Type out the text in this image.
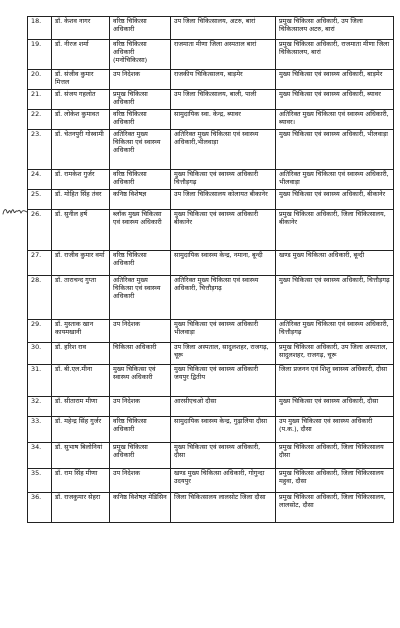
18.	डॉ. केशव नागर	वरिष्ठ चिकित्सा अधिकारी	उप जिला चिकित्सालय, अटरु, बारां	प्रमुख चिकित्सा अधिकारी, उप जिला चिकित्सालय अटरु, बारां
19.	डॉ. नीरज शर्मा	वरिष्ठ चिकित्सा अधिकारी (मनोचिकित्सा)	राजमाता मीणा जिला अस्पताल बारां	प्रमुख चिकित्सा अधिकारी, राजमाता मीणा जिला चिकित्सालय, बारां
20.	डॉ. संजीव कुमार मित्तल	उप निदेशक	राजकीय चिकित्सालय, बाड़मेर	मुख्य चिकित्सा एवं स्वास्थ्य अधिकारी, बाड़मेर
21.	डॉ. संजय गहलोत	प्रमुख चिकित्सा अधिकारी	उप जिला चिकित्सालय, बाली, पाली	मुख्य चिकित्सा एवं स्वास्थ्य अधिकारी, ब्यावर
22.	डॉ. लोकेश कुमावत	वरिष्ठ चिकित्सा अधिकारी	सामुदायिक स्वा. केन्द्र, ब्यावर	अतिरिक्त मुख्य चिकित्सा एवं स्वास्थ्य अधिकारी, ब्यावर।
23.	डॉ. चेतनपुरी गोस्वामी	अतिरिक्त मुख्य चिकित्सा एवं स्वास्थ्य अधिकारी	अतिरिक्त मुख्य चिकित्सा एवं स्वास्थ्य अधिकारी,भीलवाड़ा	मुख्य चिकित्सा एवं स्वास्थ्य अधिकारी, भीलवाड़ा
24.	डॉ. रामकेश गुर्जर	वरिष्ठ चिकित्सा अधिकारी	मुख्य चिकित्सा एवं स्वास्थ्य अधिकारी चित्तौड़गढ़	अतिरिक्त मुख्य चिकित्सा एवं स्वास्थ्य अधिकारी, भीलवाड़ा
25.	डॉ. मोहित सिंह तंवर	कनिष्ठ विशेषज्ञ	उप जिला चिकित्सालय कोलायत बीकानेर	मुख्य चिकित्सा एवं स्वास्थ्य अधिकारी, बीकानेर
26.	डॉ. सुनील हर्ष	ब्लॉक मुख्य चिकित्सा एवं स्वास्थ्य अधिकारी	मुख्य चिकित्सा एवं स्वास्थ्य अधिकारी बीकानेर	प्रमुख चिकित्सा अधिकारी, जिला चिकित्सालय, बीकानेर
27.	डॉ. राजीव कुमार वर्मा	वरिष्ठ चिकित्सा अधिकारी	सामुदायिक स्वास्थ्य केन्द्र, नमाना, बून्दी	खण्ड मुख्य चिकित्सा अधिकारी, बून्दी
28.	डॉ. ताराचन्द गुप्ता	अतिरिक्त मुख्य चिकित्सा एवं स्वास्थ्य अधिकारी	अतिरिक्त मुख्य चिकित्सा एवं स्वास्थ्य अधिकारी, चित्तौड़गढ़	मुख्य चिकित्सा एवं स्वास्थ्य अधिकारी, चित्तौड़गढ़
29.	डॉ. मुस्ताक खान कायमखानी	उप निदेशक	मुख्य चिकित्सा एवं स्वास्थ्य अधिकारी भीलवाड़ा	अतिरिक्त मुख्य चिकित्सा एवं स्वास्थ्य अधिकारी, चित्तौड़गढ़
30.	डॉ. हरिश राव	चिकित्सा अधिकारी	उप जिला अस्पताल, सादुलशहर, राजगढ़, चूरू	प्रमुख चिकित्सा अधिकारी, उप जिला अस्पताल, सादुलशहर, राजगढ़, चूरू
31.	डॉ. बी.एल.मीना	मुख्य चिकित्सा एवं स्वास्थ्य अधिकारी	मुख्य चिकित्सा एवं स्वास्थ्य अधिकारी जयपुर द्वितीय	जिला प्रजनन एवं शिशु स्वास्थ्य अधिकारी, दौसा
32.	डॉ. सीताराम मीणा	उप निदेशक	आरसीएचओ दौसा	मुख्य चिकित्सा एवं स्वास्थ्य अधिकारी, दौसा
33.	डॉ. महेन्द्र सिंह गुर्जर	वरिष्ठ चिकित्सा अधिकारी	सामुदायिक स्वास्थ्य केन्द्र, गुढ़ालिया दौसा	उप मुख्य चिकित्सा एवं स्वास्थ्य अधिकारी (प.क.), दौसा
34.	डॉ. सुभाष बिलोनियां	प्रमुख चिकित्सा अधिकारी	मुख्य चिकित्सा एवं स्वास्थ्य अधिकारी, दौसा	प्रमुख चिकित्सा अधिकारी, जिला चिकित्सालय दौसा
35.	डॉ. राम सिंह मीणा	उप निदेशक	खण्ड मुख्य चिकित्सा अधिकारी, गोगुन्दा उदयपुर	प्रमुख चिकित्सा अधिकारी, जिला चिकित्सालय महुवा, दौसा
36.	डॉ. राजकुमार सेहरा	कनिष्ठ विशेषज्ञ मेडिसिन	जिला चिकित्सालय लालसोट जिला दौसा	प्रमुख चिकित्सा अधिकारी, जिला चिकित्सालय, लालसोट, दौसा
